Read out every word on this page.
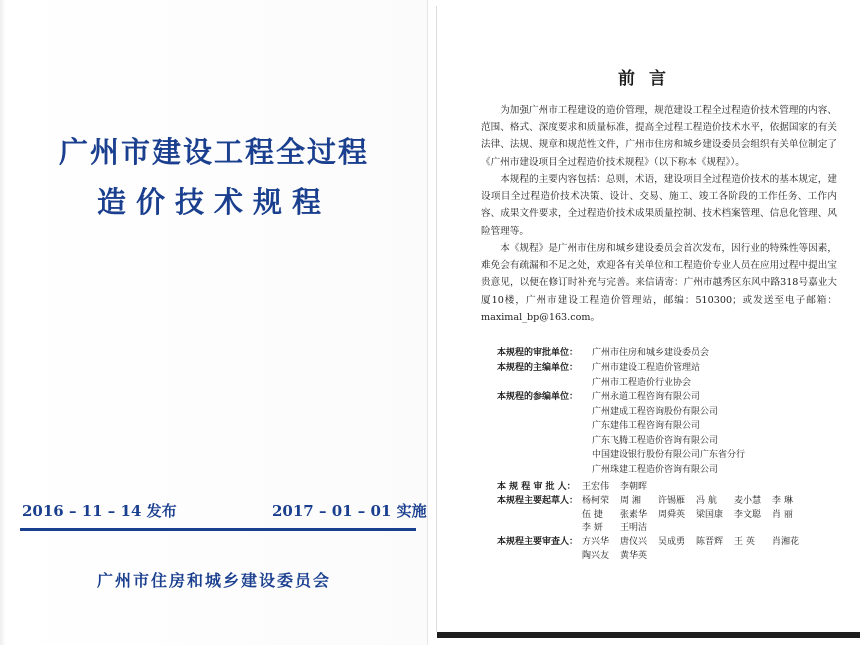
广州市建设工程全过程
造价技术规程
2016 – 11 – 14 发布	2017 – 01 – 01 实施
广州市住房和城乡建设委员会
前言

为加强广州市工程建设的造价管理，规范建设工程全过程造价技术管理的内容、范围、格式、深度要求和质量标准，提高全过程工程造价技术水平，依据国家的有关法律、法规、规章和规范性文件，广州市住房和城乡建设委员会组织有关单位制定了《广州市建设项目全过程造价技术规程》（以下称本《规程》）。

本规程的主要内容包括：总则，术语，建设项目全过程造价技术的基本规定，建设项目全过程造价技术决策、设计、交易、施工、竣工各阶段的工作任务、工作内容、成果文件要求，全过程造价技术成果质量控制、技术档案管理、信息化管理、风险管理等。

本《规程》是广州市住房和城乡建设委员会首次发布，因行业的特殊性等因素，难免会有疏漏和不足之处，欢迎各有关单位和工程造价专业人员在应用过程中提出宝贵意见，以便在修订时补充与完善。来信请寄：广州市越秀区东风中路318号嘉业大厦10楼，广州市建设工程造价管理站，邮编：510300；或发送至电子邮箱：maximal_bp@163.com。

本规程的审批单位：	广州市住房和城乡建设委员会
本规程的主编单位：	广州市建设工程造价管理站
广州市工程造价行业协会
本规程的参编单位：	广州永道工程咨询有限公司
广州建成工程咨询股份有限公司
广东建伟工程咨询有限公司
广东飞腾工程造价咨询有限公司
中国建设银行股份有限公司广东省分行
广州珠建工程造价咨询有限公司
本 规 程 审 批 人： 王宏伟	李朝晖
本规程主要起草人： 杨柯荣	周 湘	许锡雁	冯 航	麦小慧	李 琳
伍 捷	张素华	周舜英	梁国康	李文聪	肖 丽
李 妍	王明洁
本规程主要审查人： 方兴华	唐仪兴	吴成勇	陈晋辉	王 英	肖湘花
陶兴友	黄华英
